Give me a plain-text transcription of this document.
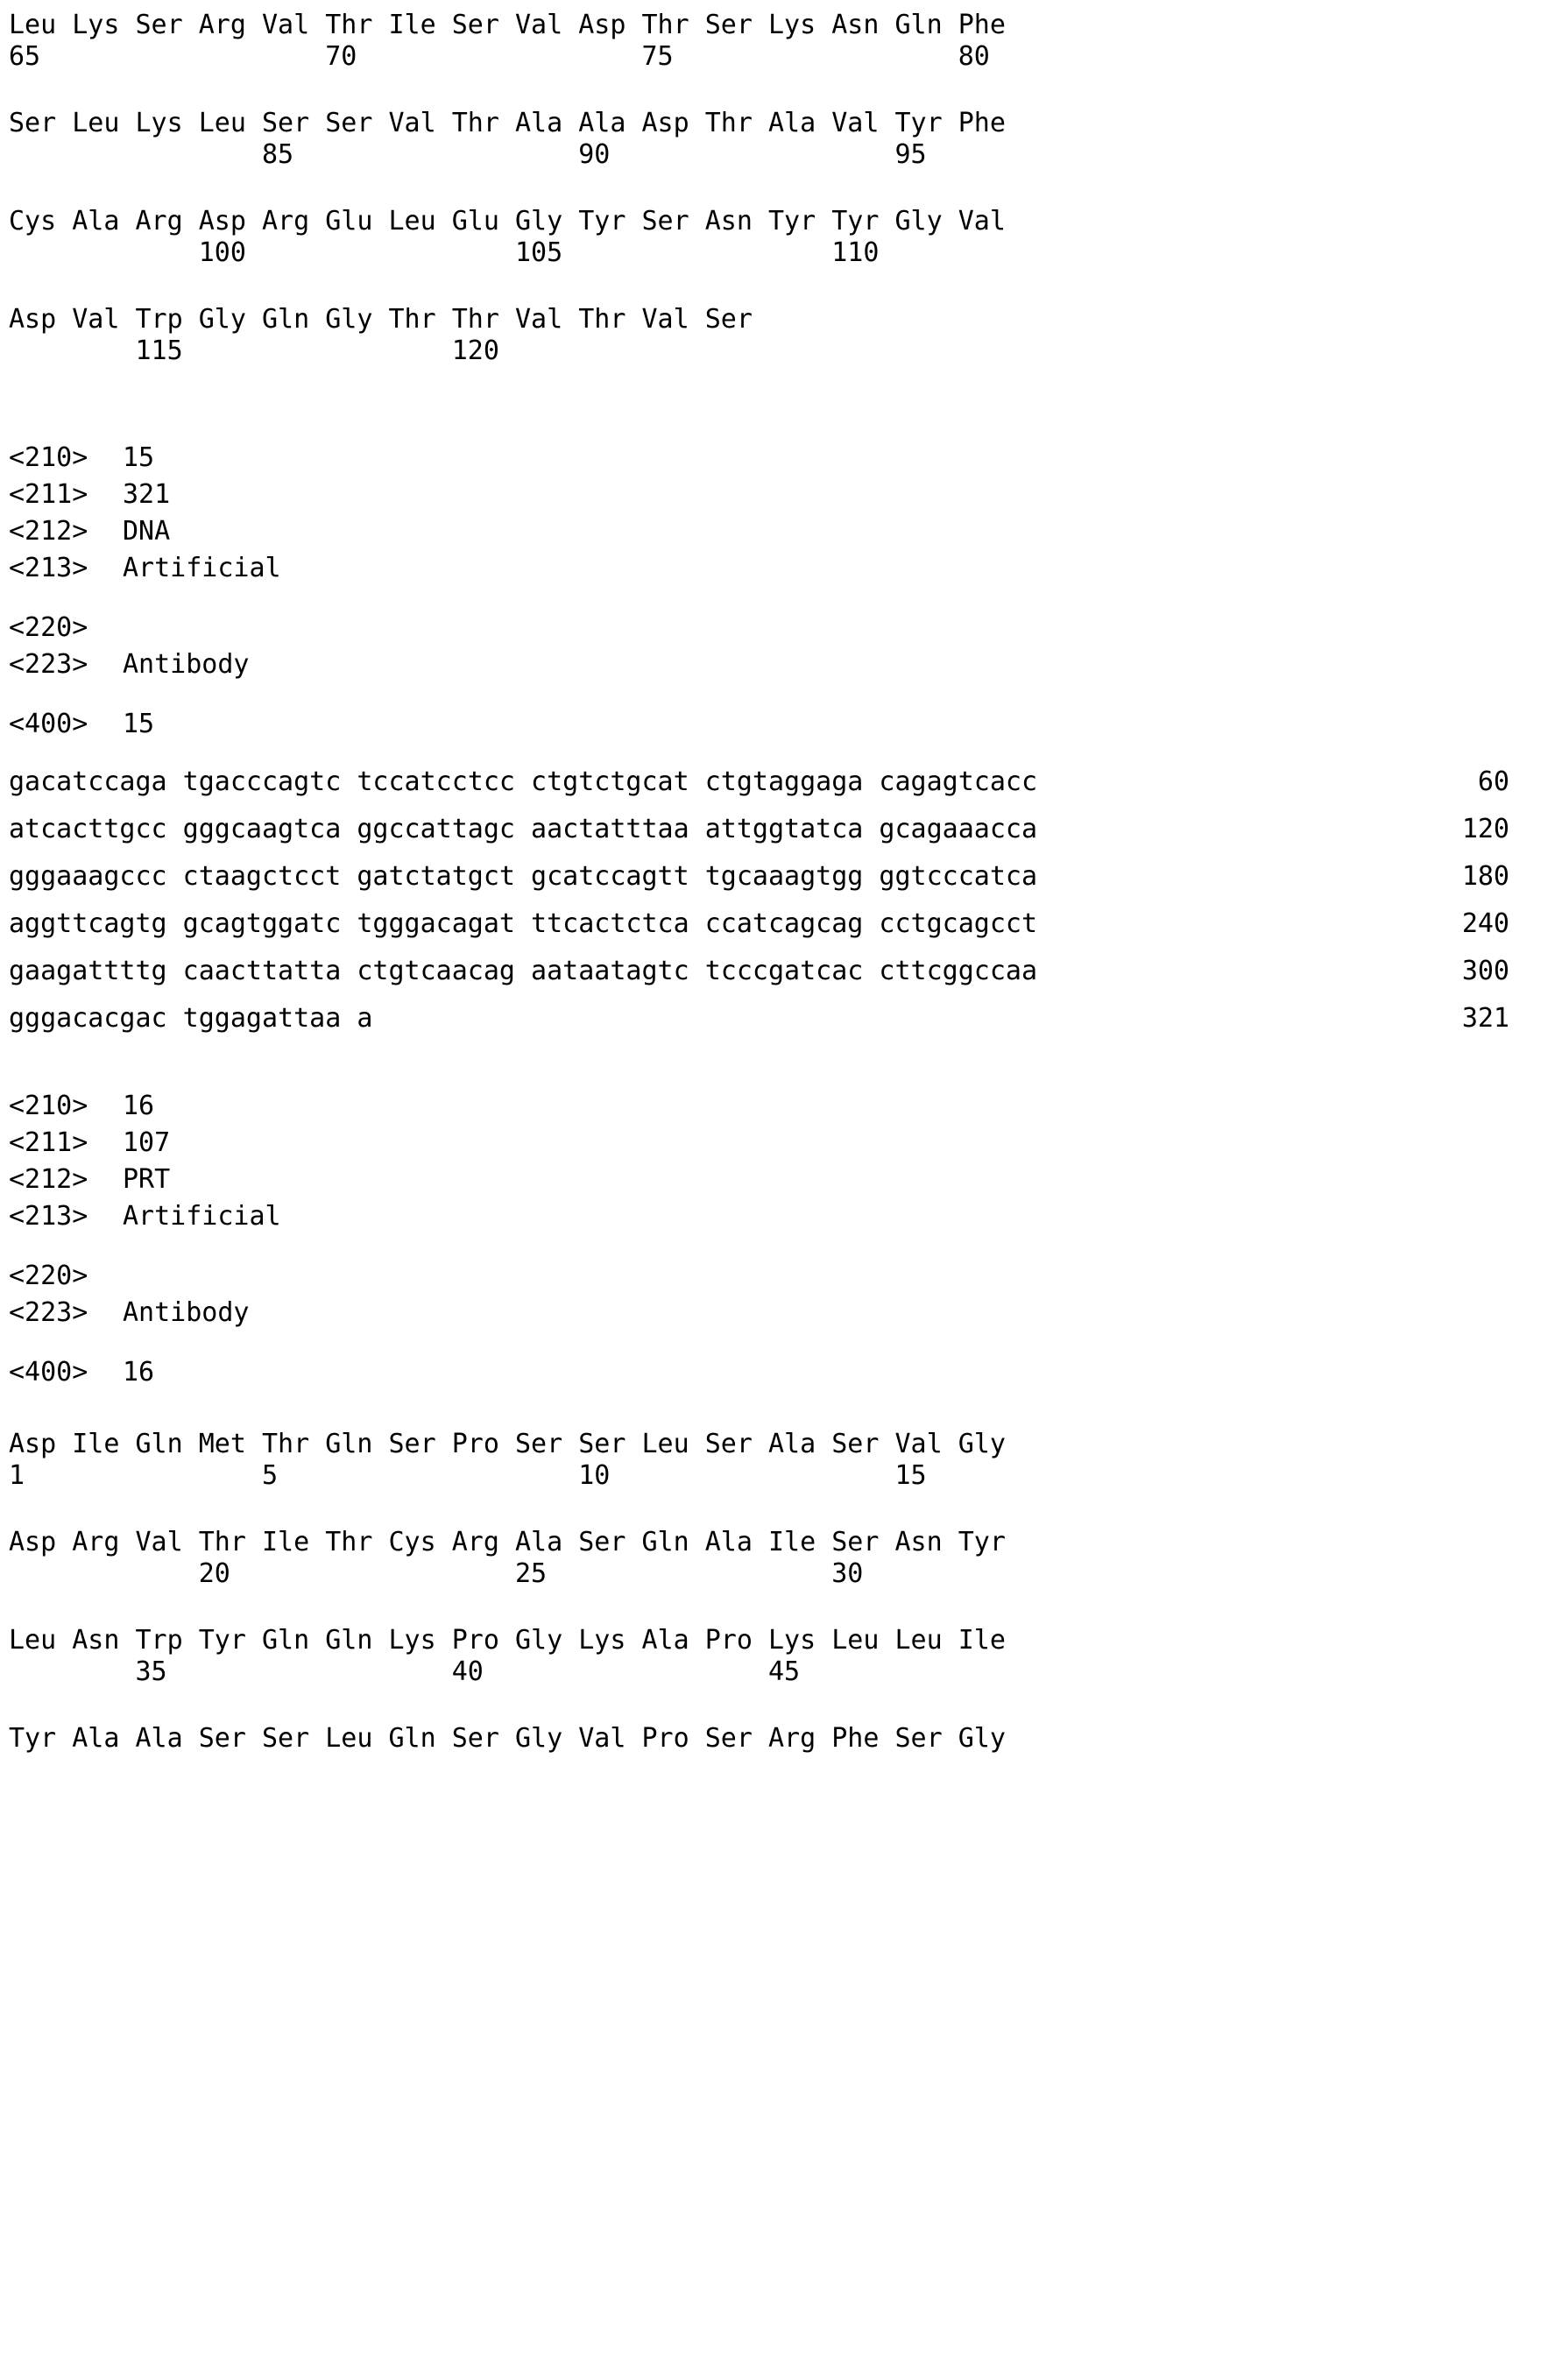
Leu Lys Ser Arg Val Thr Ile Ser Val Asp Thr Ser Lys Asn Gln Phe
65                  70                  75                  80
Ser Leu Lys Leu Ser Ser Val Thr Ala Ala Asp Thr Ala Val Tyr Phe
85                  90                  95
Cys Ala Arg Asp Arg Glu Leu Glu Gly Tyr Ser Asn Tyr Tyr Gly Val
100                 105                 110
Asp Val Trp Gly Gln Gly Thr Thr Val Thr Val Ser
115                 120
<210> 15
<211> 321
<212> DNA
<213> Artificial
<220>
<223> Antibody
<400> 15
gacatccaga tgacccagtc tccatcctcc ctgtctgcat ctgtaggaga cagagtcacc	60
atcacttgcc gggcaagtca ggccattagc aactatttaa attggtatca gcagaaacca	120
gggaaagccc ctaagctcct gatctatgct gcatccagtt tgcaaagtgg ggtcccatca	180
aggttcagtg gcagtggatc tgggacagat ttcactctca ccatcagcag cctgcagcct	240
gaagattttg caacttatta ctgtcaacag aataatagtc tcccgatcac cttcggccaa	300
gggacacgac tggagattaa a	321
<210> 16
<211> 107
<212> PRT
<213> Artificial
<220>
<223> Antibody
<400> 16
Asp Ile Gln Met Thr Gln Ser Pro Ser Ser Leu Ser Ala Ser Val Gly
1               5                   10                  15
Asp Arg Val Thr Ile Thr Cys Arg Ala Ser Gln Ala Ile Ser Asn Tyr
20                  25                  30
Leu Asn Trp Tyr Gln Gln Lys Pro Gly Lys Ala Pro Lys Leu Leu Ile
35                  40                  45
Tyr Ala Ala Ser Ser Leu Gln Ser Gly Val Pro Ser Arg Phe Ser Gly
